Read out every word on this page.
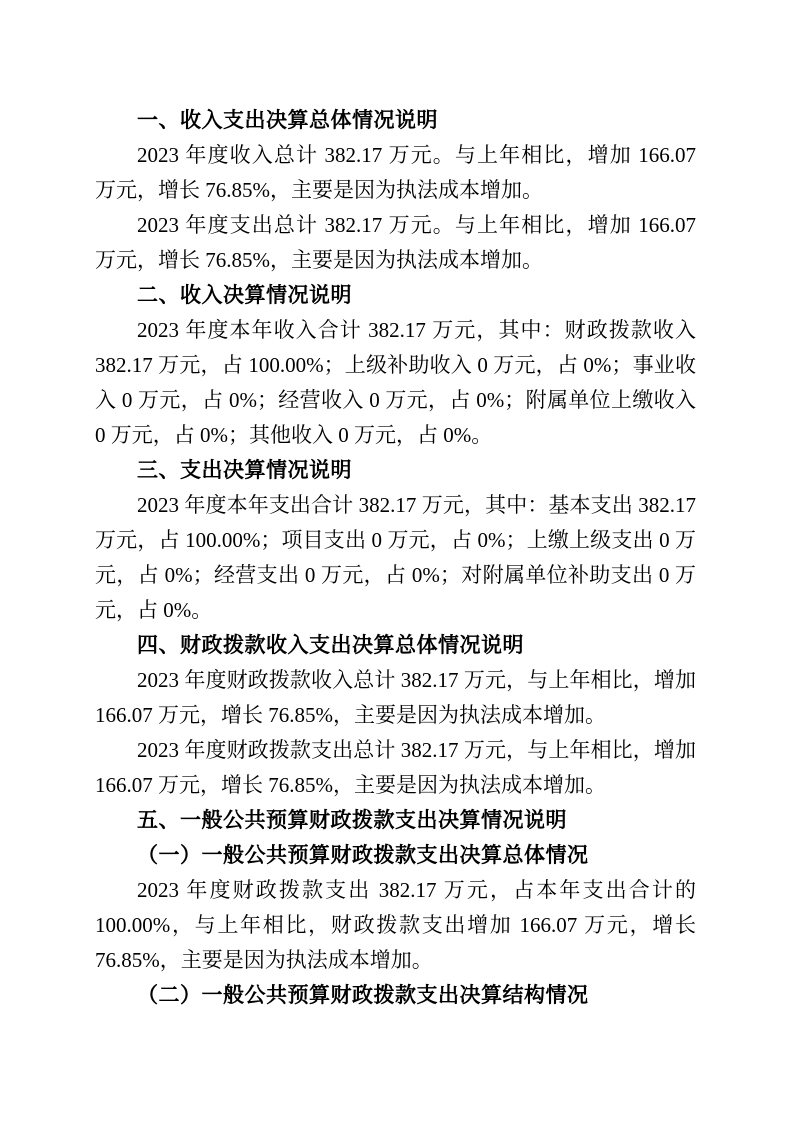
一、收入支出决算总体情况说明

2023 年度收入总计 382.17 万元。与上年相比，增加 166.07 万元，增长 76.85%，主要是因为执法成本增加。

2023 年度支出总计 382.17 万元。与上年相比，增加 166.07 万元，增长 76.85%，主要是因为执法成本增加。

二、收入决算情况说明

2023 年度本年收入合计 382.17 万元，其中：财政拨款收入 382.17 万元，占 100.00%；上级补助收入 0 万元，占 0%；事业收入 0 万元，占 0%；经营收入 0 万元，占 0%；附属单位上缴收入 0 万元，占 0%；其他收入 0 万元，占 0%。

三、支出决算情况说明

2023 年度本年支出合计 382.17 万元，其中：基本支出 382.17 万元，占 100.00%；项目支出 0 万元，占 0%；上缴上级支出 0 万元，占 0%；经营支出 0 万元，占 0%；对附属单位补助支出 0 万元，占 0%。

四、财政拨款收入支出决算总体情况说明

2023 年度财政拨款收入总计 382.17 万元，与上年相比，增加 166.07 万元，增长 76.85%，主要是因为执法成本增加。

2023 年度财政拨款支出总计 382.17 万元，与上年相比，增加 166.07 万元，增长 76.85%，主要是因为执法成本增加。

五、一般公共预算财政拨款支出决算情况说明
（一）一般公共预算财政拨款支出决算总体情况

2023 年度财政拨款支出 382.17 万元，占本年支出合计的 100.00%，与上年相比，财政拨款支出增加 166.07 万元，增长 76.85%，主要是因为执法成本增加。

（二）一般公共预算财政拨款支出决算结构情况
